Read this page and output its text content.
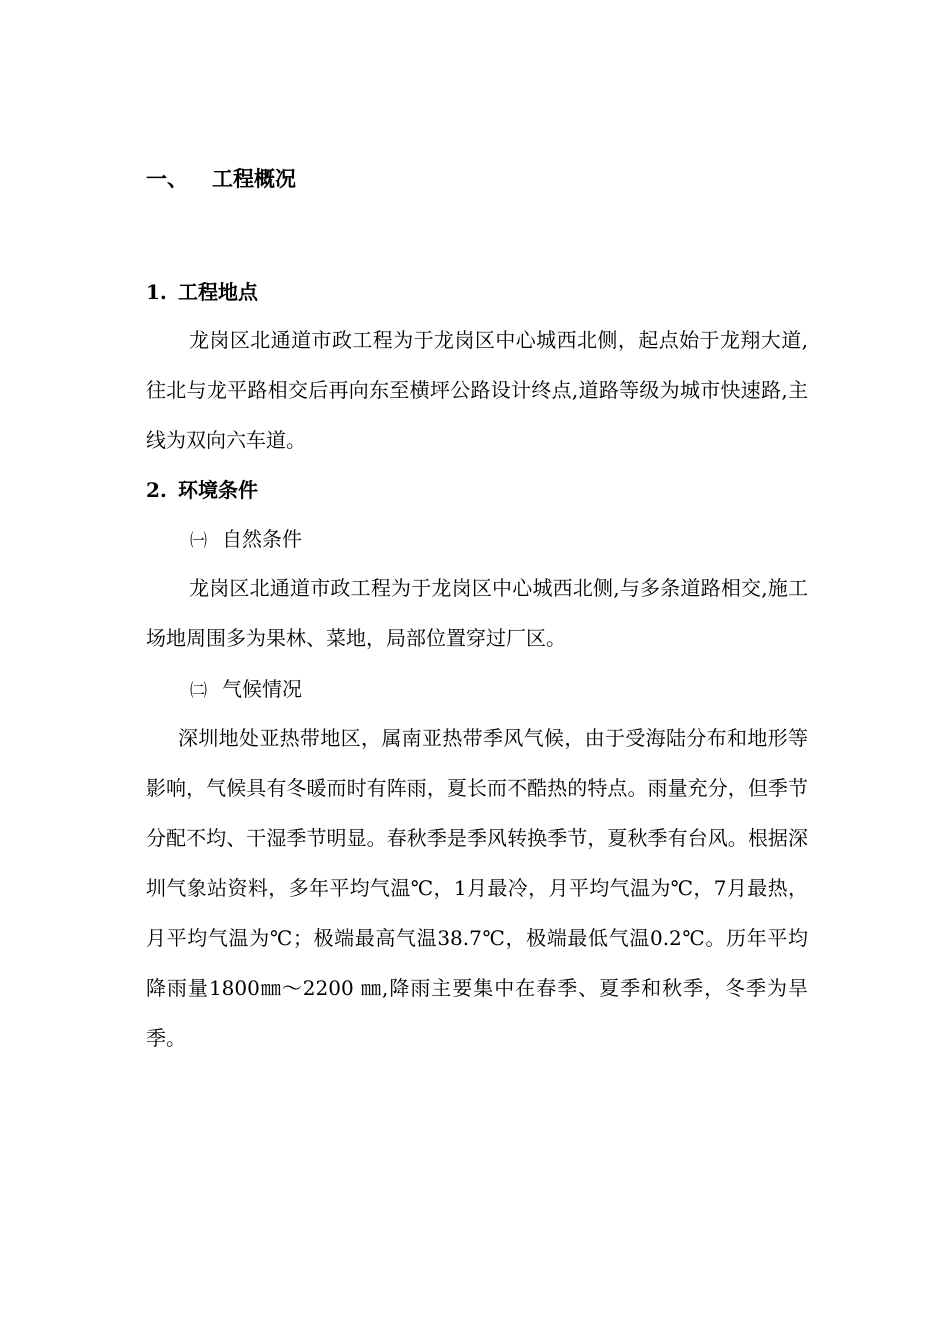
一、 工程概况
1. 工程地点

龙岗区北通道市政工程为于龙岗区中心城西北侧，起点始于龙翔大道,往北与龙平路相交后再向东至横坪公路设计终点,道路等级为城市快速路,主线为双向六车道。

2. 环境条件
㈠ 自然条件

龙岗区北通道市政工程为于龙岗区中心城西北侧,与多条道路相交,施工场地周围多为果林、菜地，局部位置穿过厂区。

㈡ 气候情况

深圳地处亚热带地区，属南亚热带季风气候，由于受海陆分布和地形等影响，气候具有冬暖而时有阵雨，夏长而不酷热的特点。雨量充分，但季节分配不均、干湿季节明显。春秋季是季风转换季节，夏秋季有台风。根据深圳气象站资料，多年平均气温℃，1月最冷，月平均气温为℃，7月最热，月平均气温为℃；极端最高气温38.7℃，极端最低气温0.2℃。历年平均降雨量1800㎜～2200 ㎜,降雨主要集中在春季、夏季和秋季，冬季为旱季。
